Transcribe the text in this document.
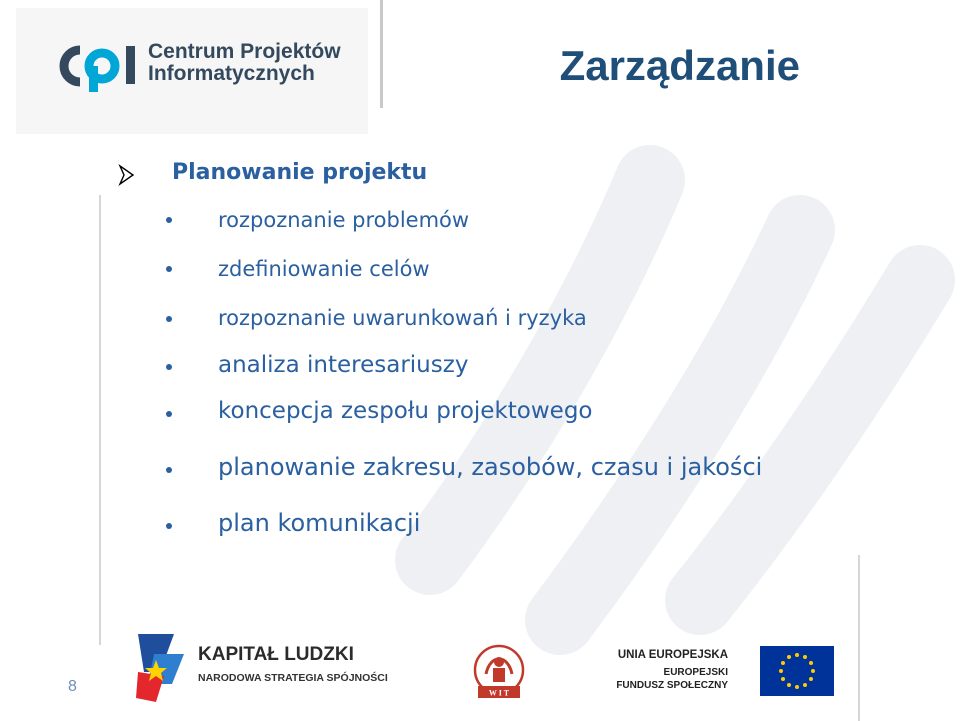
Centrum Projektów
Informatycznych	Zarządzanie
Planowanie projektu
rozpoznanie problemów
zdefiniowanie celów
rozpoznanie uwarunkowań i ryzyka
analiza interesariuszy
koncepcja zespołu projektowego
planowanie zakresu, zasobów, czasu i jakości
plan komunikacji
8
KAPITAŁ LUDZKI
NARODOWA STRATEGIA SPÓJNOŚCI
W I T
UNIA EUROPEJSKA
EUROPEJSKI
FUNDUSZ SPOŁECZNY
